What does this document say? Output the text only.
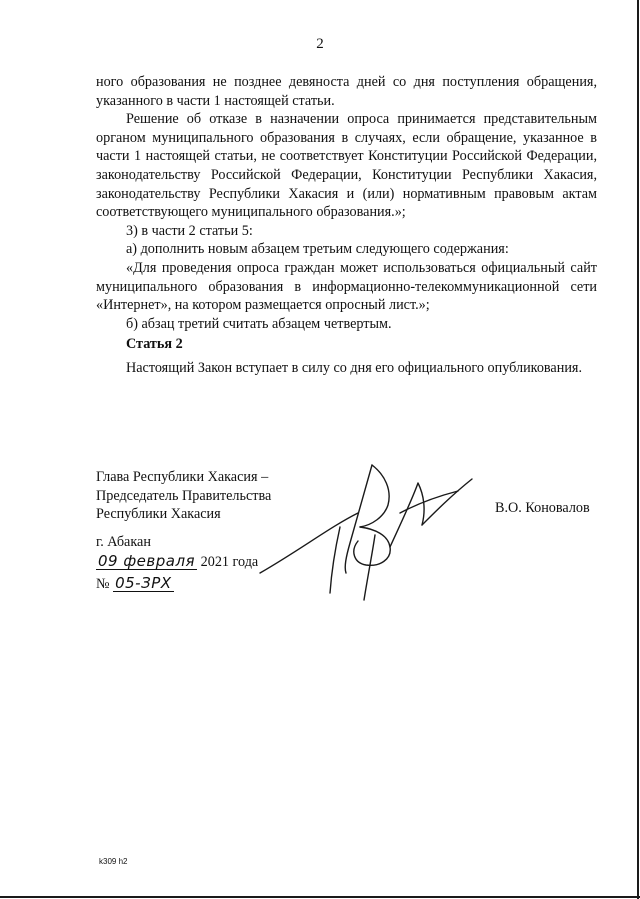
2

ного образования не позднее девяноста дней со дня поступления обращения, указанного в части 1 настоящей статьи.

Решение об отказе в назначении опроса принимается представительным органом муниципального образования в случаях, если обращение, указанное в части 1 настоящей статьи, не соответствует Конституции Российской Федерации, законодательству Российской Федерации, Конституции Республики Хакасия, законодательству Республики Хакасия и (или) нормативным правовым актам соответствующего муниципального образования.»;

3) в части 2 статьи 5:

а) дополнить новым абзацем третьим следующего содержания:

«Для проведения опроса граждан может использоваться официальный сайт муниципального образования в информационно-телекоммуникационной сети «Интернет», на котором размещается опросный лист.»;

б) абзац третий считать абзацем четвертым.

Статья 2

Настоящий Закон вступает в силу со дня его официального опубликования.

Глава Республики Хакасия –
Председатель Правительства
Республики Хакасия	В.О. Коновалов
г. Абакан
09 февраля 2021 года
№ 05-ЗРХ
k309 h2
